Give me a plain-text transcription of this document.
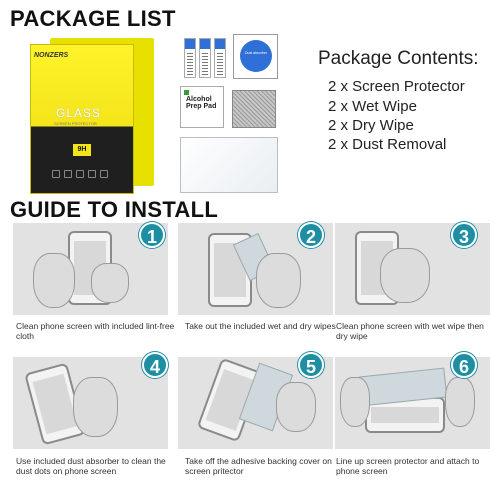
PACKAGE LIST
GUIDE TO INSTALL
NONZERS
GLASS
SCREEN PROTECTOR
9H
Dust absorber
Alcohol Prep Pad
Package Contents:
2 x Screen Protector
2 x Wet Wipe
2 x Dry Wipe
2 x Dust Removal
1
Clean phone screen with included lint-free cloth
2
Take out the included wet and dry wipes
3
Clean phone screen with wet wipe then dry wipe
4
Use included dust absorber to clean the dust dots on phone screen
5
Take off the adhesive backing cover on screen pritector
6
Line up screen protector and attach to phone screen
